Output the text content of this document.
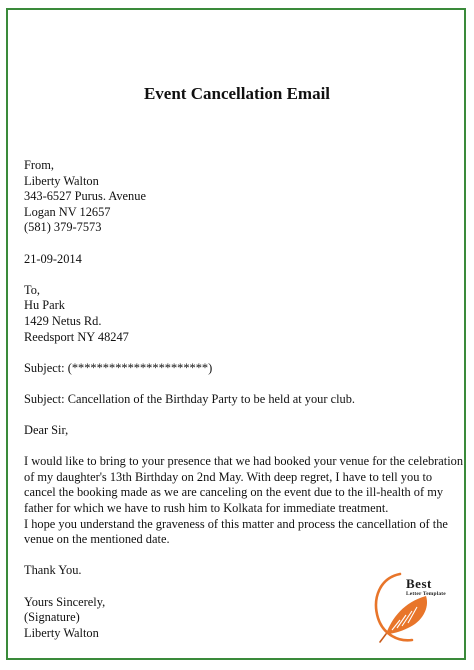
Event Cancellation Email
From,
Liberty Walton
343-6527 Purus. Avenue
Logan NV 12657
(581) 379-7573
21-09-2014
To,
Hu Park
1429 Netus Rd.
Reedsport NY 48247
Subject: (**********************)
Subject: Cancellation of the Birthday Party to be held at your club.
Dear Sir,
I would like to bring to your presence that we had booked your venue for the celebration of my daughter's 13th Birthday on 2nd May. With deep regret, I have to tell you to cancel the booking made as we are canceling on the event due to the ill-health of my father for which we have to rush him to Kolkata for immediate treatment.
I hope you understand the graveness of this matter and process the cancellation of the venue on the mentioned date.
Thank You.
Yours Sincerely,
(Signature)
Liberty Walton
Best
Letter Template
